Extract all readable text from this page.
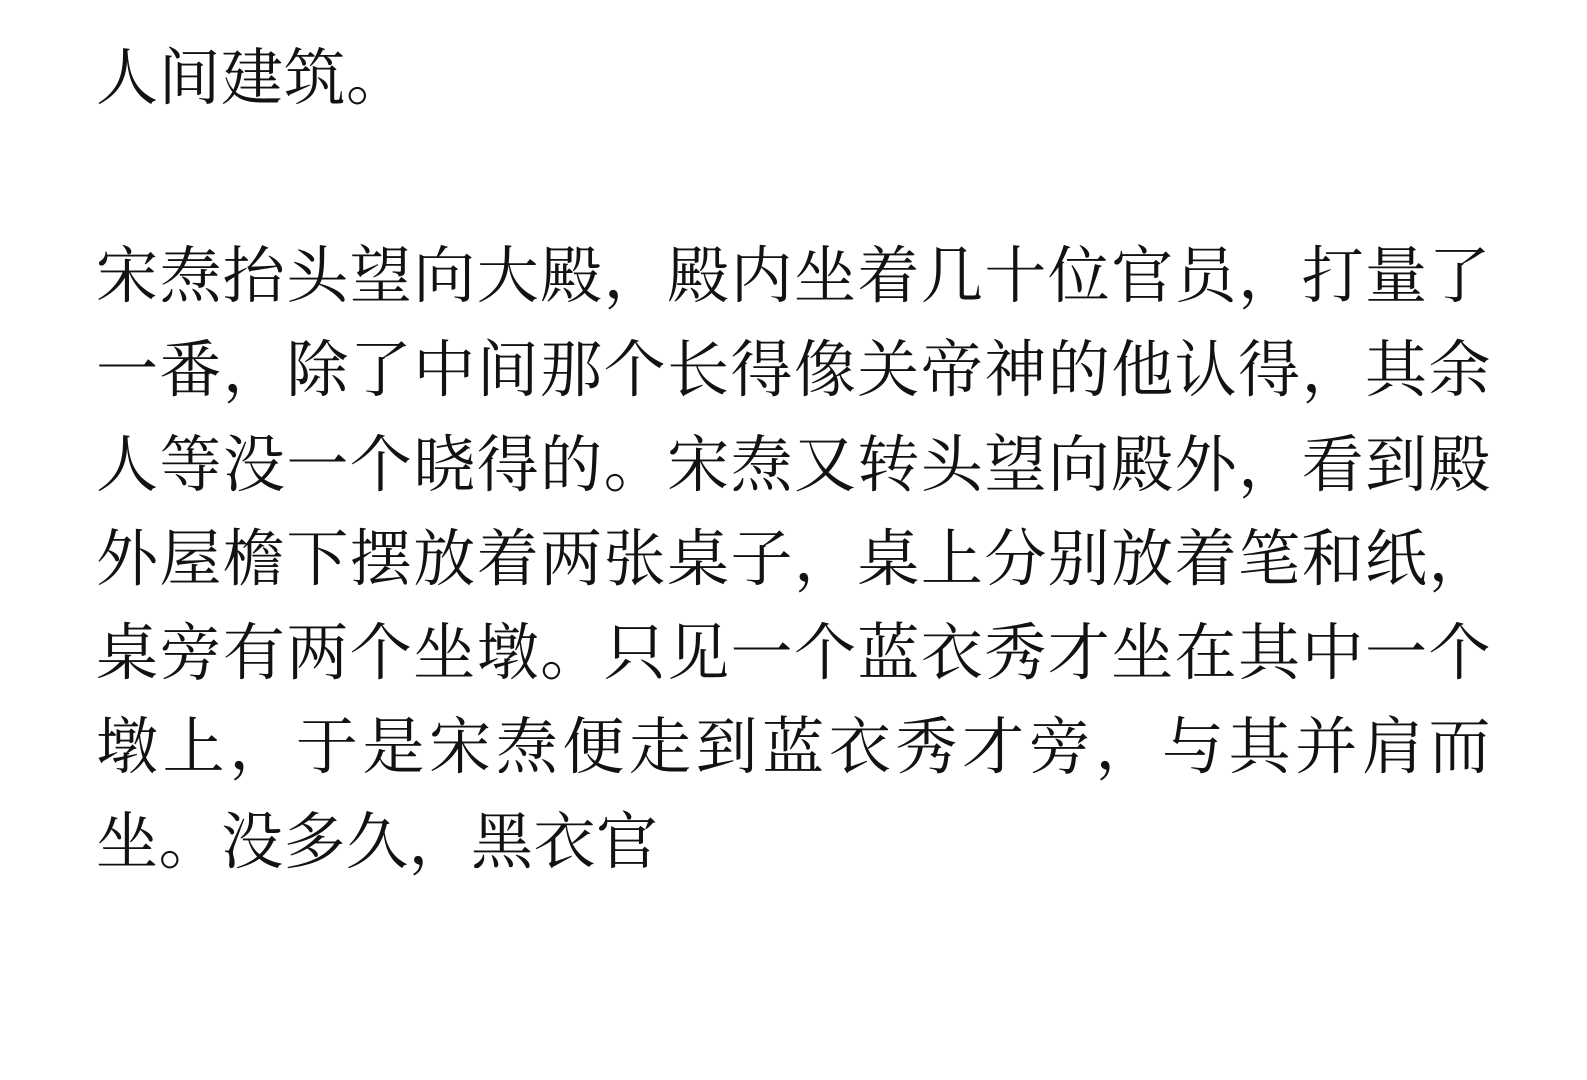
人间建筑。

宋焘抬头望向大殿，殿内坐着几十位官员，打量了一番，除了中间那个长得像关帝神的他认得，其余人等没一个晓得的。宋焘又转头望向殿外，看到殿外屋檐下摆放着两张桌子，桌上分别放着笔和纸，桌旁有两个坐墩。只见一个蓝衣秀才坐在其中一个墩上，于是宋焘便走到蓝衣秀才旁，与其并肩而坐。没多久，黑衣官
